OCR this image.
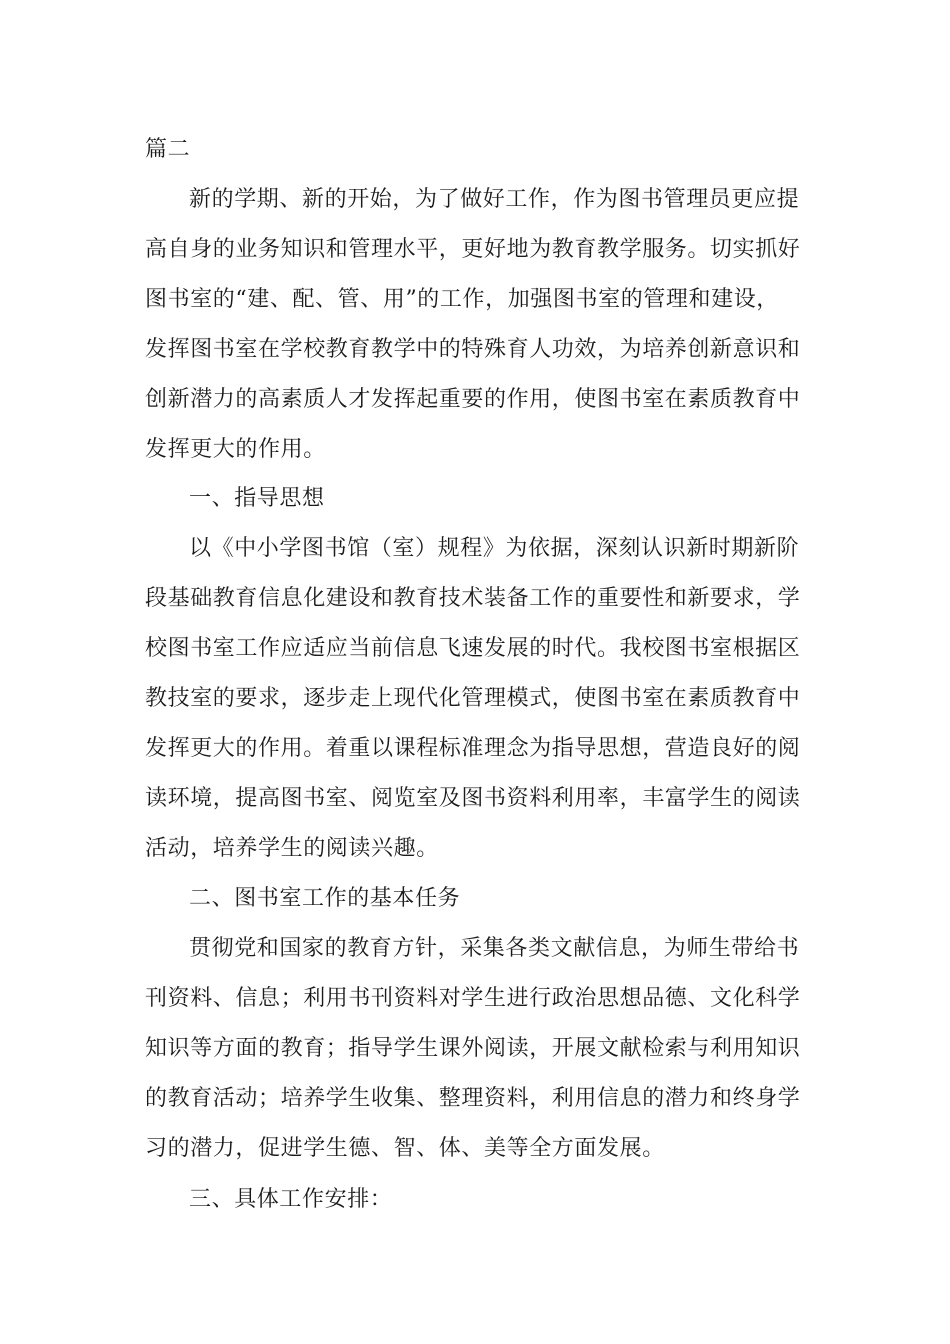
篇二

新的学期、新的开始，为了做好工作，作为图书管理员更应提

高自身的业务知识和管理水平，更好地为教育教学服务。切实抓好

图书室的“建、配、管、用”的工作，加强图书室的管理和建设，

发挥图书室在学校教育教学中的特殊育人功效，为培养创新意识和

创新潜力的高素质人才发挥起重要的作用，使图书室在素质教育中

发挥更大的作用。

一、指导思想

以《中小学图书馆（室）规程》为依据，深刻认识新时期新阶

段基础教育信息化建设和教育技术装备工作的重要性和新要求，学

校图书室工作应适应当前信息飞速发展的时代。我校图书室根据区

教技室的要求，逐步走上现代化管理模式，使图书室在素质教育中

发挥更大的作用。着重以课程标准理念为指导思想，营造良好的阅

读环境，提高图书室、阅览室及图书资料利用率，丰富学生的阅读

活动，培养学生的阅读兴趣。

二、图书室工作的基本任务

贯彻党和国家的教育方针，采集各类文献信息，为师生带给书

刊资料、信息；利用书刊资料对学生进行政治思想品德、文化科学

知识等方面的教育；指导学生课外阅读，开展文献检索与利用知识

的教育活动；培养学生收集、整理资料，利用信息的潜力和终身学

习的潜力，促进学生德、智、体、美等全方面发展。

三、具体工作安排：
